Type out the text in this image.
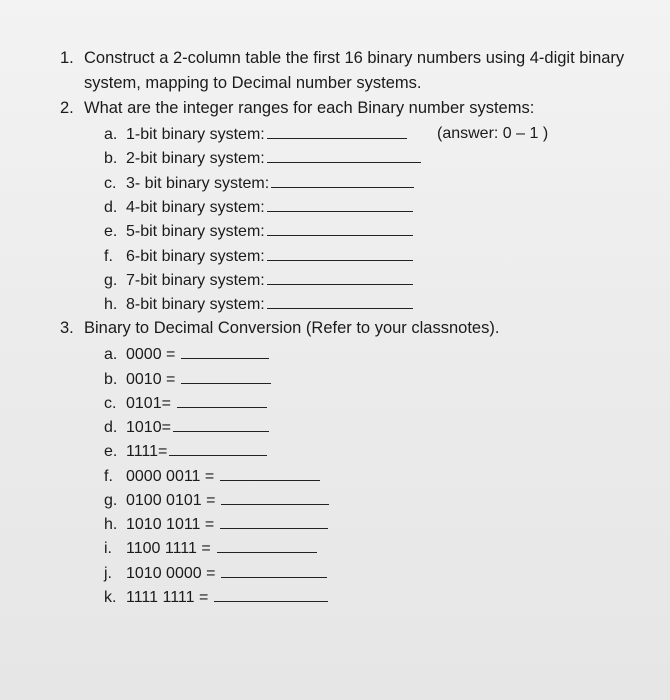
1. Construct a 2-column table the first 16 binary numbers using 4-digit binary
system, mapping to Decimal number systems.
2. What are the integer ranges for each Binary number systems:
a. 1-bit binary system:	(answer: 0 – 1 )
b. 2-bit binary system:
c. 3- bit binary system:
d. 4-bit binary system:
e. 5-bit binary system:
f. 6-bit binary system:
g. 7-bit binary system:
h. 8-bit binary system:
3. Binary to Decimal Conversion (Refer to your classnotes).
a. 0000 =
b. 0010 =
c. 0101=
d. 1010=
e. 1111=
f. 0000 0011 =
g. 0100 0101 =
h. 1010 1011 =
i. 1100 1111 =
j. 1010 0000 =
k. 1111 1111 =
